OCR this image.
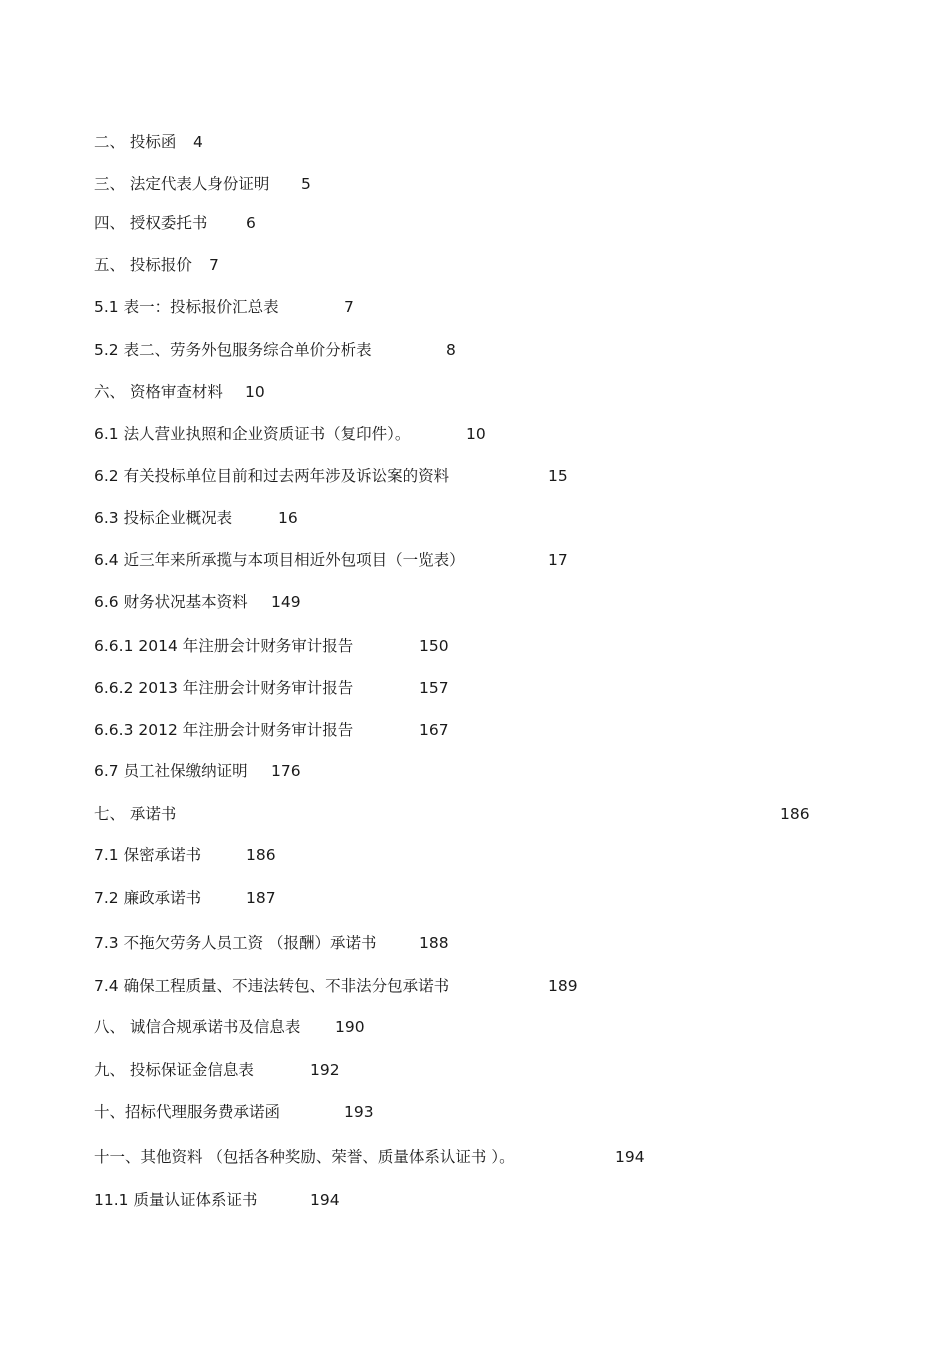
二、 投标函 4
三、 法定代表人身份证明 5
四、 授权委托书 6
五、 投标报价 7
5.1 表一：投标报价汇总表	7
5.2 表二、劳务外包服务综合单价分析表	8
六、 资格审查材料 10
6.1 法人营业执照和企业资质证书（复印件）。	10
6.2 有关投标单位目前和过去两年涉及诉讼案的资料	15
6.3 投标企业概况表	16
6.4 近三年来所承揽与本项目相近外包项目（一览表）	17
6.6 财务状况基本资料 149
6.6.1 2014 年注册会计财务审计报告	150
6.6.2 2013 年注册会计财务审计报告	157
6.6.3 2012 年注册会计财务审计报告	167
6.7 员工社保缴纳证明 176
七、 承诺书	186
7.1 保密承诺书	186
7.2 廉政承诺书	187
7.3 不拖欠劳务人员工资 （报酬）承诺书	188
7.4 确保工程质量、不违法转包、不非法分包承诺书	189
八、 诚信合规承诺书及信息表 190
九、 投标保证金信息表	192
十、招标代理服务费承诺函	193
十一、其他资料 （包括各种奖励、荣誉、质量体系认证书 ）。	194
11.1 质量认证体系证书	194
